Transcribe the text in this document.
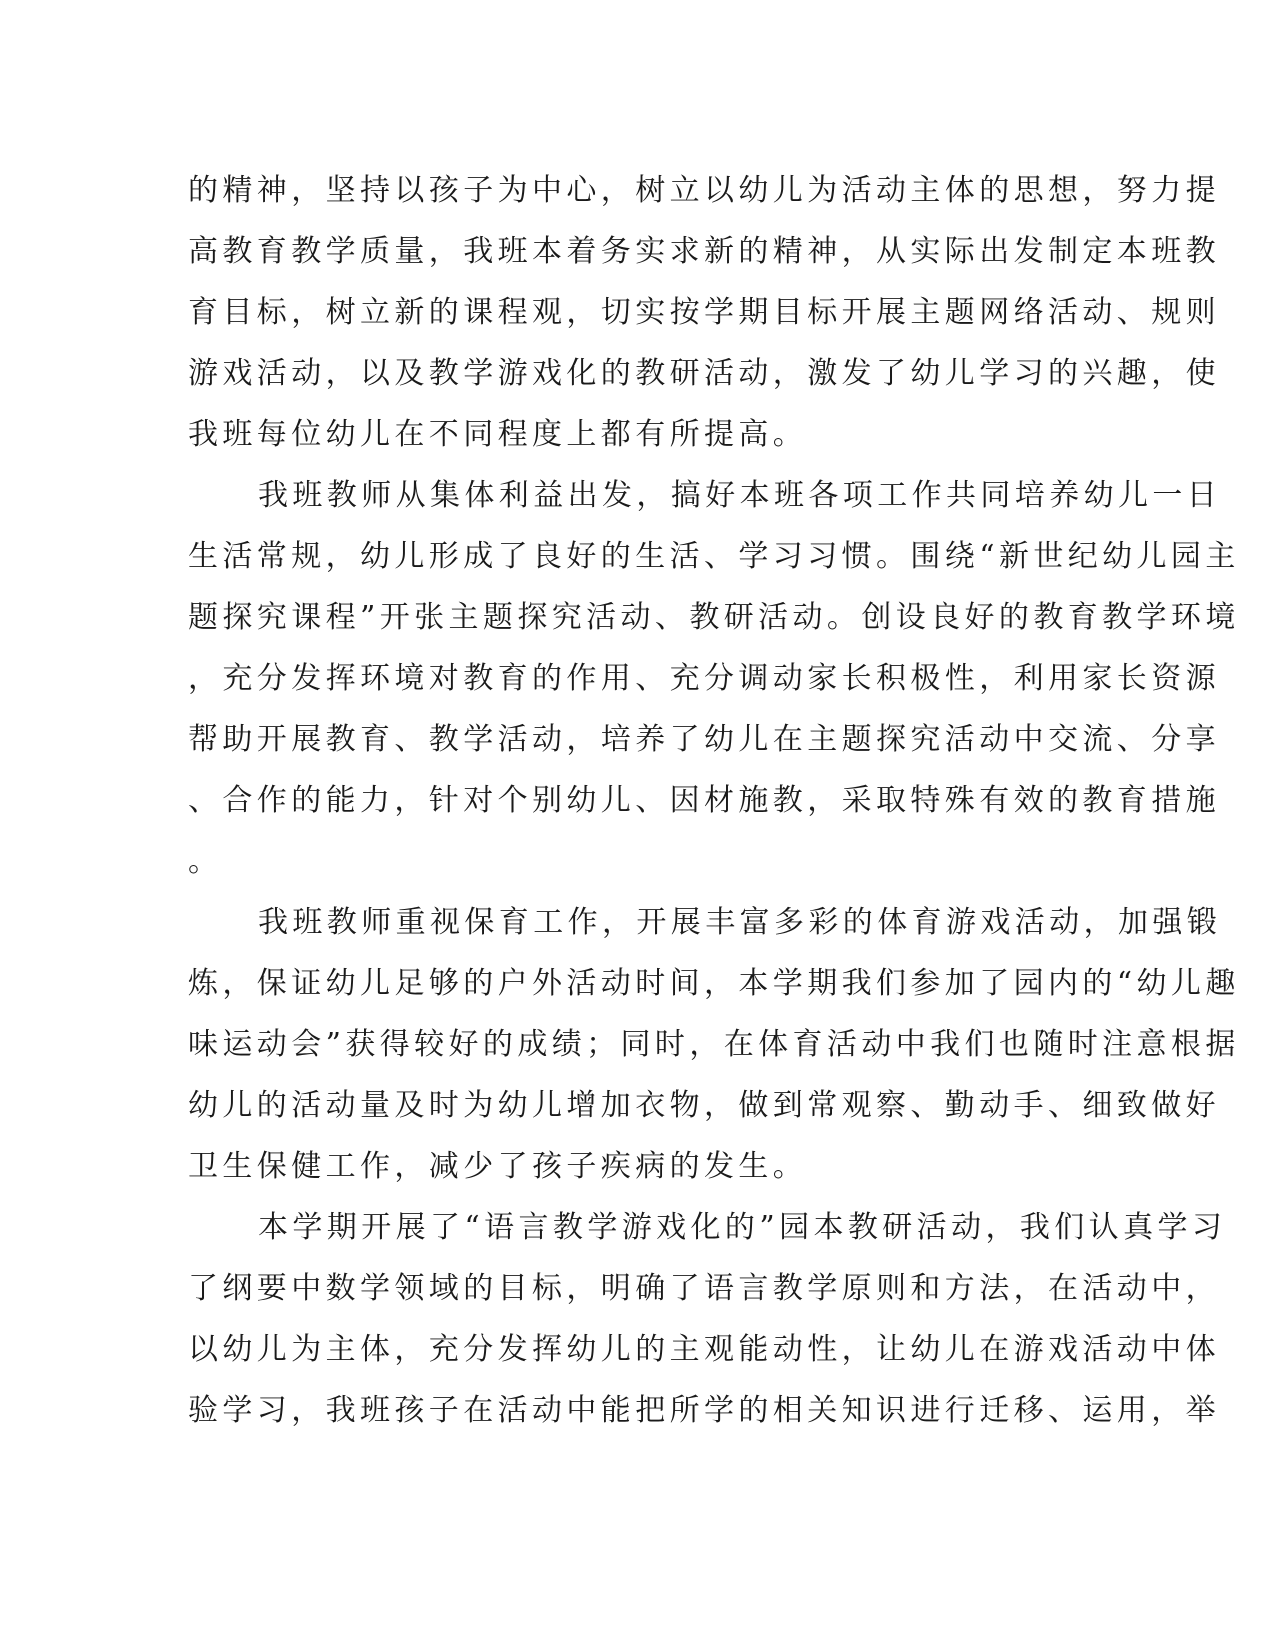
的精神，坚持以孩子为中心，树立以幼儿为活动主体的思想，努力提
高教育教学质量，我班本着务实求新的精神，从实际出发制定本班教
育目标，树立新的课程观，切实按学期目标开展主题网络活动、规则
游戏活动，以及教学游戏化的教研活动，激发了幼儿学习的兴趣，使
我班每位幼儿在不同程度上都有所提高。
我班教师从集体利益出发，搞好本班各项工作共同培养幼儿一日
生活常规，幼儿形成了良好的生活、学习习惯。围绕“新世纪幼儿园主
题探究课程”开张主题探究活动、教研活动。创设良好的教育教学环境
，充分发挥环境对教育的作用、充分调动家长积极性，利用家长资源
帮助开展教育、教学活动，培养了幼儿在主题探究活动中交流、分享
、合作的能力，针对个别幼儿、因材施教，采取特殊有效的教育措施
。
我班教师重视保育工作，开展丰富多彩的体育游戏活动，加强锻
炼，保证幼儿足够的户外活动时间，本学期我们参加了园内的“幼儿趣
味运动会”获得较好的成绩；同时，在体育活动中我们也随时注意根据
幼儿的活动量及时为幼儿增加衣物，做到常观察、勤动手、细致做好
卫生保健工作，减少了孩子疾病的发生。
本学期开展了“语言教学游戏化的”园本教研活动，我们认真学习
了纲要中数学领域的目标，明确了语言教学原则和方法，在活动中，
以幼儿为主体，充分发挥幼儿的主观能动性，让幼儿在游戏活动中体
验学习，我班孩子在活动中能把所学的相关知识进行迁移、运用，举
